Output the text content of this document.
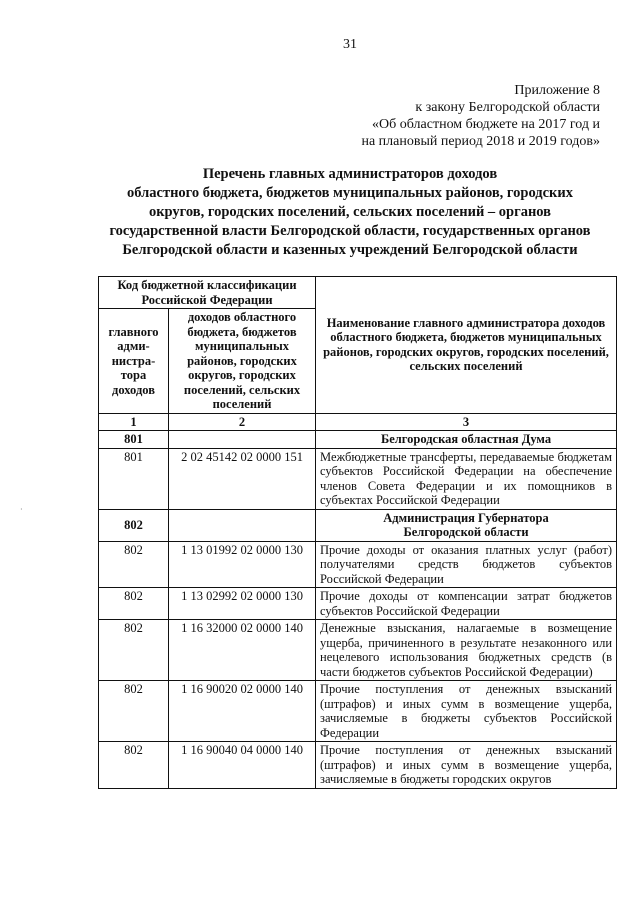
31
Приложение 8
к закону Белгородской области
«Об областном бюджете на 2017 год и
на плановый период 2018 и 2019 годов»
Перечень главных администраторов доходов
областного бюджета, бюджетов муниципальных районов, городских
округов, городских поселений, сельских поселений – органов
государственной власти Белгородской области, государственных органов
Белгородской области и казенных учреждений Белгородской области
Код бюджетной классификации Российской Федерации		Наименование главного администратора доходов областного бюджета, бюджетов муниципальных районов, городских округов, городских поселений, сельских поселений
главного адми-нистра-тора доходов	доходов областного бюджета, бюджетов муниципальных районов, городских округов, городских поселений, сельских поселений	
1	2	3
801		Белгородская областная Дума
801	2 02 45142 02 0000 151	Межбюджетные трансферты, передаваемые бюджетам субъектов Российской Федерации на обеспечение членов Совета Федерации и их помощников в субъектах Российской Федерации
802		Администрация Губернатора Белгородской области
802	1 13 01992 02 0000 130	Прочие доходы от оказания платных услуг (работ) получателями средств бюджетов субъектов Российской Федерации
802	1 13 02992 02 0000 130	Прочие доходы от компенсации затрат бюджетов субъектов Российской Федерации
802	1 16 32000 02 0000 140	Денежные взыскания, налагаемые в возмещение ущерба, причиненного в результате незаконного или нецелевого использования бюджетных средств (в части бюджетов субъектов Российской Федерации)
802	1 16 90020 02 0000 140	Прочие поступления от денежных взысканий (штрафов) и иных сумм в возмещение ущерба, зачисляемые в бюджеты субъектов Российской Федерации
802	1 16 90040 04 0000 140	Прочие поступления от денежных взысканий (штрафов) и иных сумм в возмещение ущерба, зачисляемые в бюджеты городских округов
·
